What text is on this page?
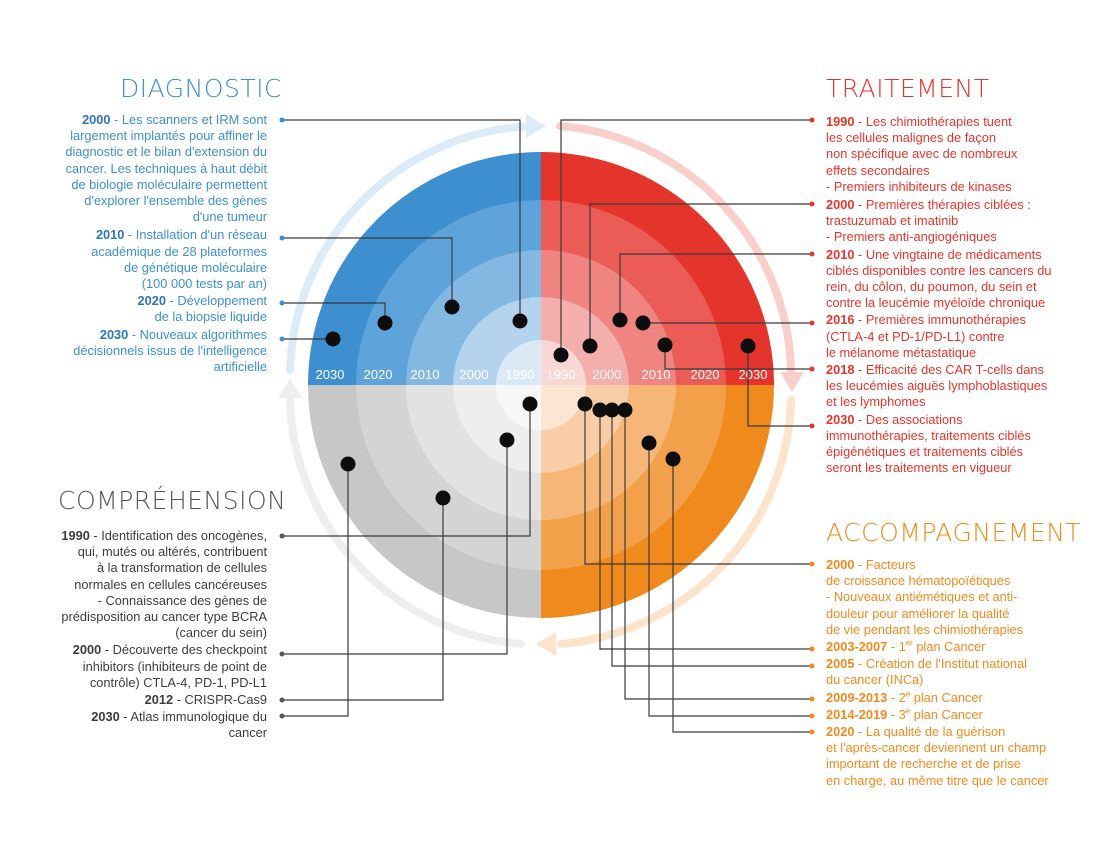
2030 2020 2010 2000 1990 1990 2000 2010 2020 2030
DIAGNOSTIC	TRAITEMENT
COMPRÉHENSION
ACCOMPAGNEMENT
2000 - Les scanners et IRM sont
largement implantés pour affiner le
diagnostic et le bilan d'extension du
cancer. Les techniques à haut débit
de biologie moléculaire permettent
d'explorer l'ensemble des gènes
d'une tumeur
2010 - Installation d'un réseau
académique de 28 plateformes
de génétique moléculaire
(100 000 tests par an)
2020 - Développement
de la biopsie liquide
2030 - Nouveaux algorithmes
décisionnels issus de l'intelligence
artificielle
1990 - Les chimiothérapies tuent
les cellules malignes de façon
non spécifique avec de nombreux
effets secondaires
- Premiers inhibiteurs de kinases
2000 - Premières thérapies ciblées :
trastuzumab et imatinib
- Premiers anti-angiogéniques
2010 - Une vingtaine de médicaments
ciblés disponibles contre les cancers du
rein, du côlon, du poumon, du sein et
contre la leucémie myéloïde chronique
2016 - Premières immunothérapies
(CTLA-4 et PD-1/PD-L1) contre
le mélanome métastatique
2018 - Efficacité des CAR T-cells dans
les leucémies aiguës lymphoblastiques
et les lymphomes
2030 - Des associations
immunothérapies, traitements ciblés
épigénétiques et traitements ciblés
seront les traitements en vigueur
1990 - Identification des oncogènes,
qui, mutés ou altérés, contribuent
à la transformation de cellules
normales en cellules cancéreuses
- Connaissance des gènes de
prédisposition au cancer type BCRA
(cancer du sein)
2000 - Découverte des checkpoint
inhibitors (inhibiteurs de point de
contrôle) CTLA-4, PD-1, PD-L1
2012 - CRISPR-Cas9
2030 - Atlas immunologique du
cancer
2000 - Facteurs
de croissance hématopoïétiques
- Nouveaux antiémétiques et anti-
douleur pour améliorer la qualité
de vie pendant les chimiothérapies
2003-2007 - 1er plan Cancer
2005 - Création de l'Institut national
du cancer (INCa)
2009-2013 - 2e plan Cancer
2014-2019 - 3e plan Cancer
2020 - La qualité de la guérison
et l'après-cancer deviennent un champ
important de recherche et de prise
en charge, au même titre que le cancer
